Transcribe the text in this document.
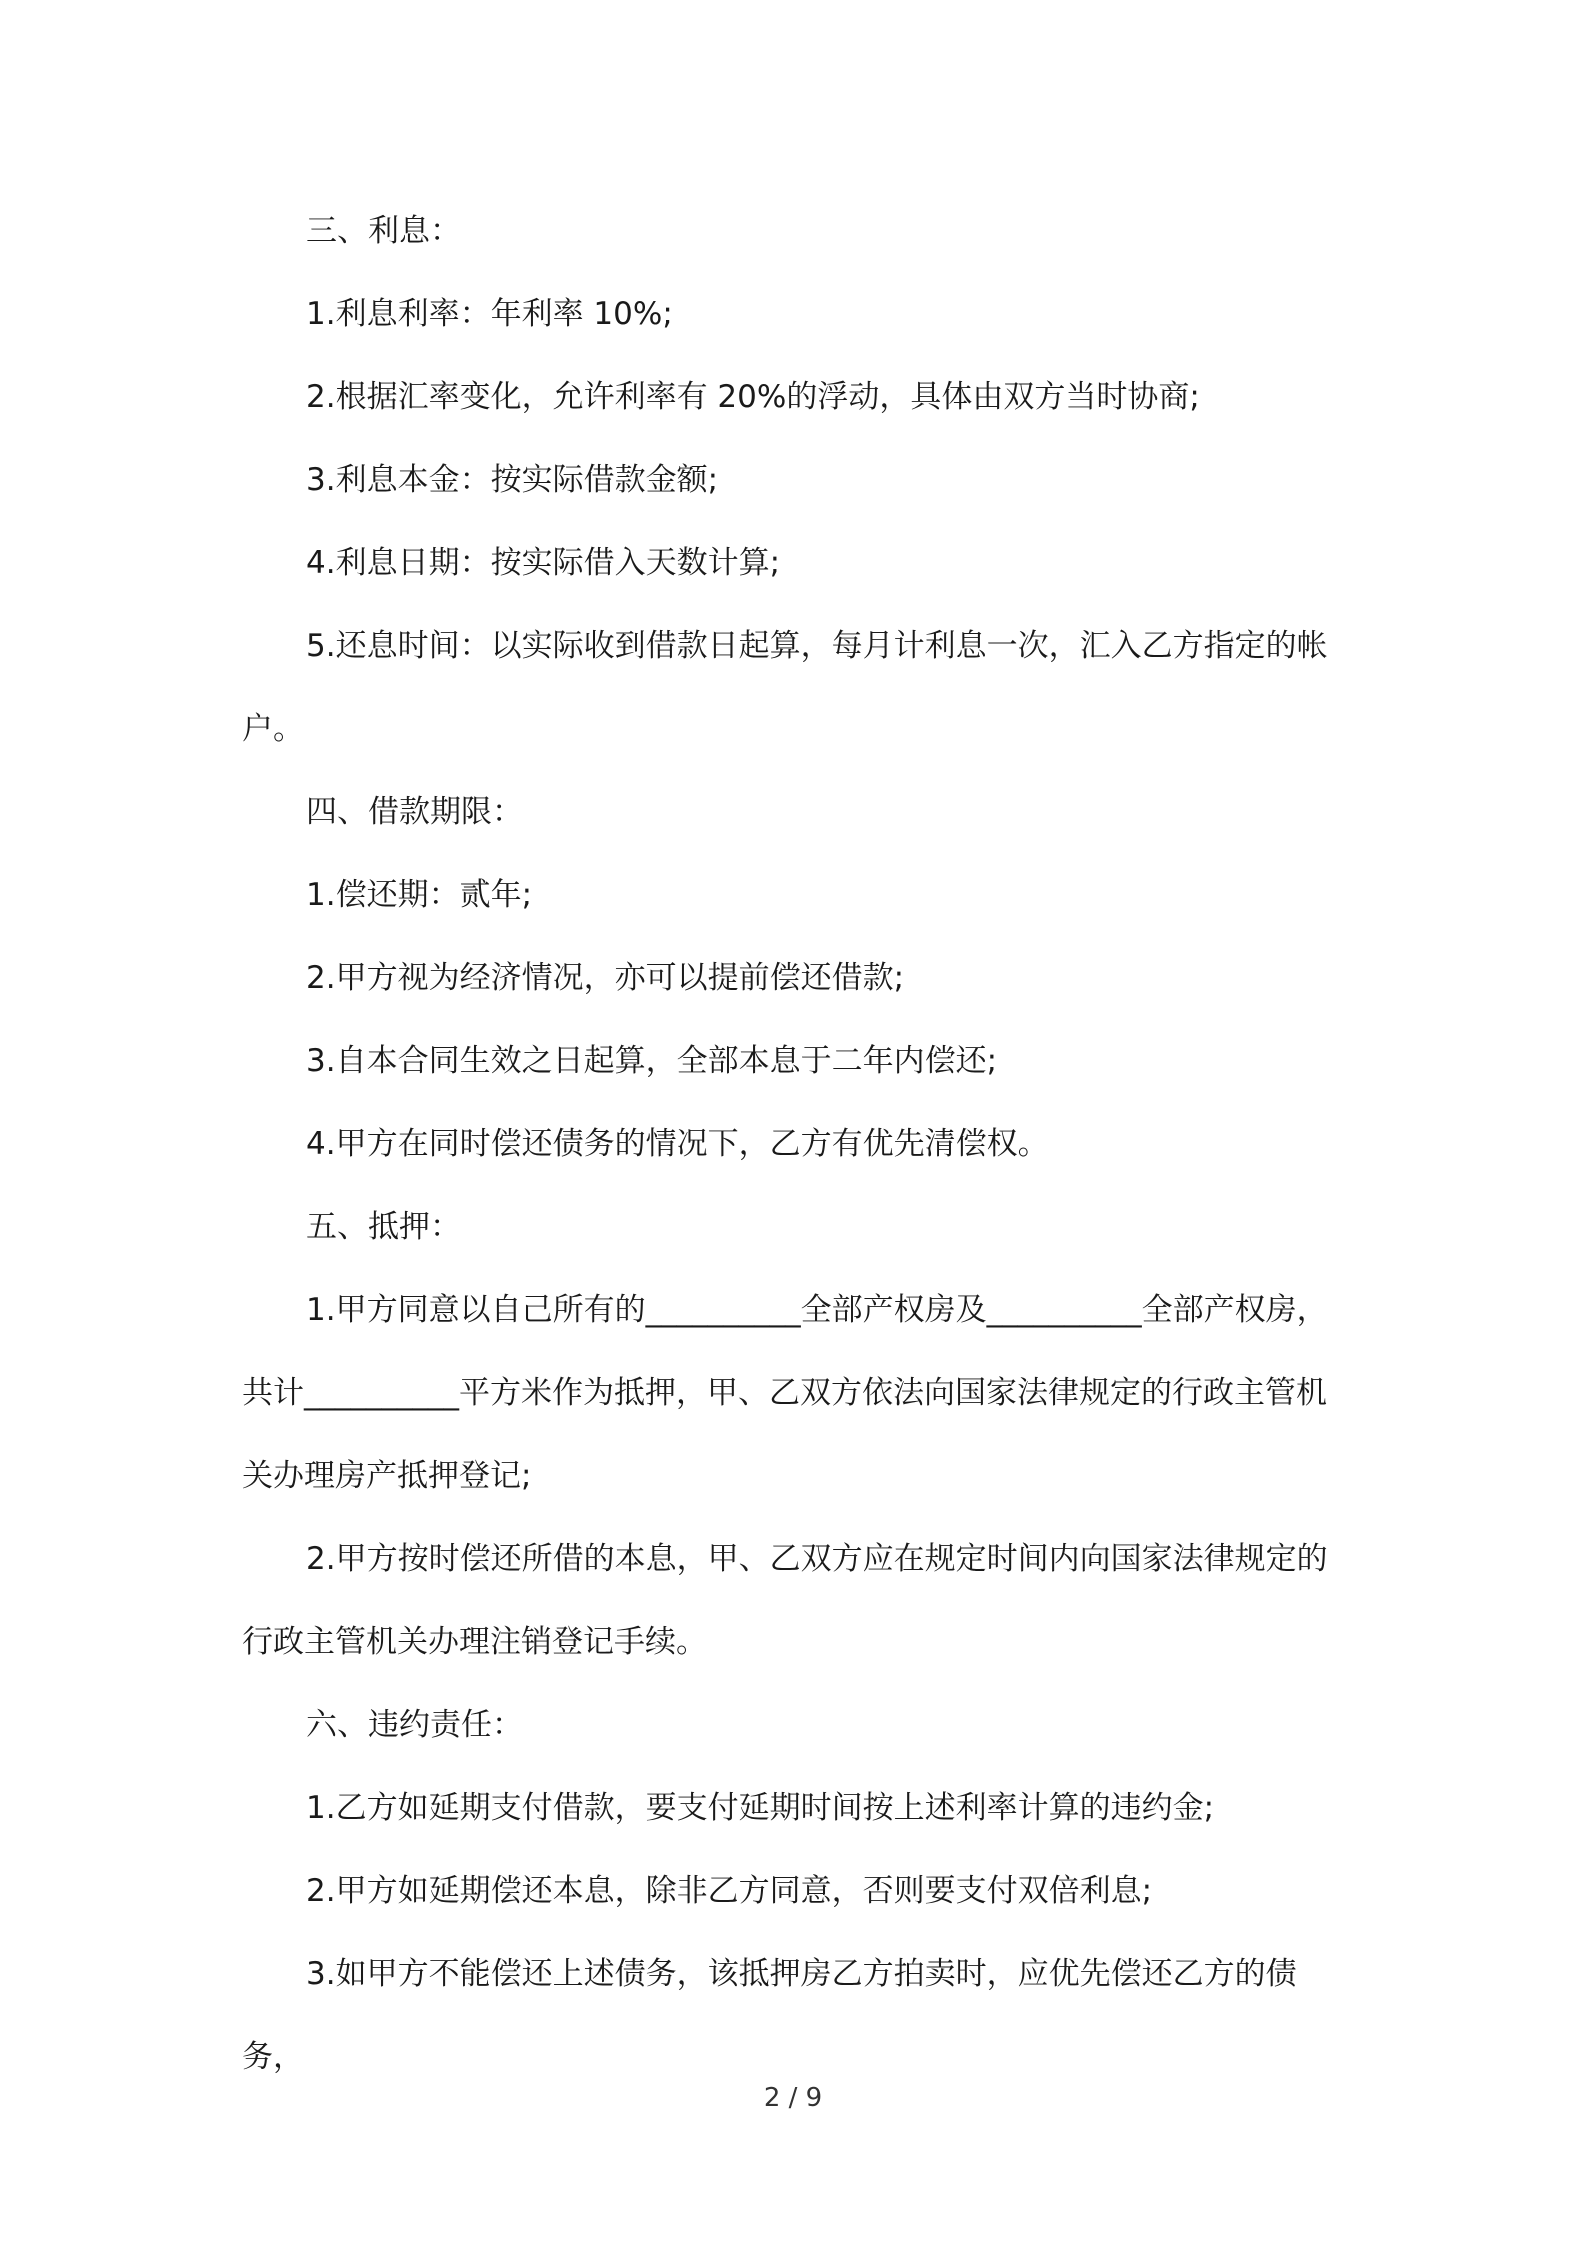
三、利息：

1.利息利率：年利率 10%;

2.根据汇率变化，允许利率有 20%的浮动，具体由双方当时协商;

3.利息本金：按实际借款金额;

4.利息日期：按实际借入天数计算;

5.还息时间：以实际收到借款日起算，每月计利息一次，汇入乙方指定的帐户。

四、借款期限：

1.偿还期：贰年;

2.甲方视为经济情况，亦可以提前偿还借款;

3.自本合同生效之日起算，全部本息于二年内偿还;

4.甲方在同时偿还债务的情况下，乙方有优先清偿权。

五、抵押：

1.甲方同意以自己所有的__________全部产权房及__________全部产权房，共计__________平方米作为抵押，甲、乙双方依法向国家法律规定的行政主管机关办理房产抵押登记;

2.甲方按时偿还所借的本息，甲、乙双方应在规定时间内向国家法律规定的行政主管机关办理注销登记手续。

六、违约责任：

1.乙方如延期支付借款，要支付延期时间按上述利率计算的违约金;

2.甲方如延期偿还本息，除非乙方同意，否则要支付双倍利息;

3.如甲方不能偿还上述债务，该抵押房乙方拍卖时，应优先偿还乙方的债务，

2 / 9
